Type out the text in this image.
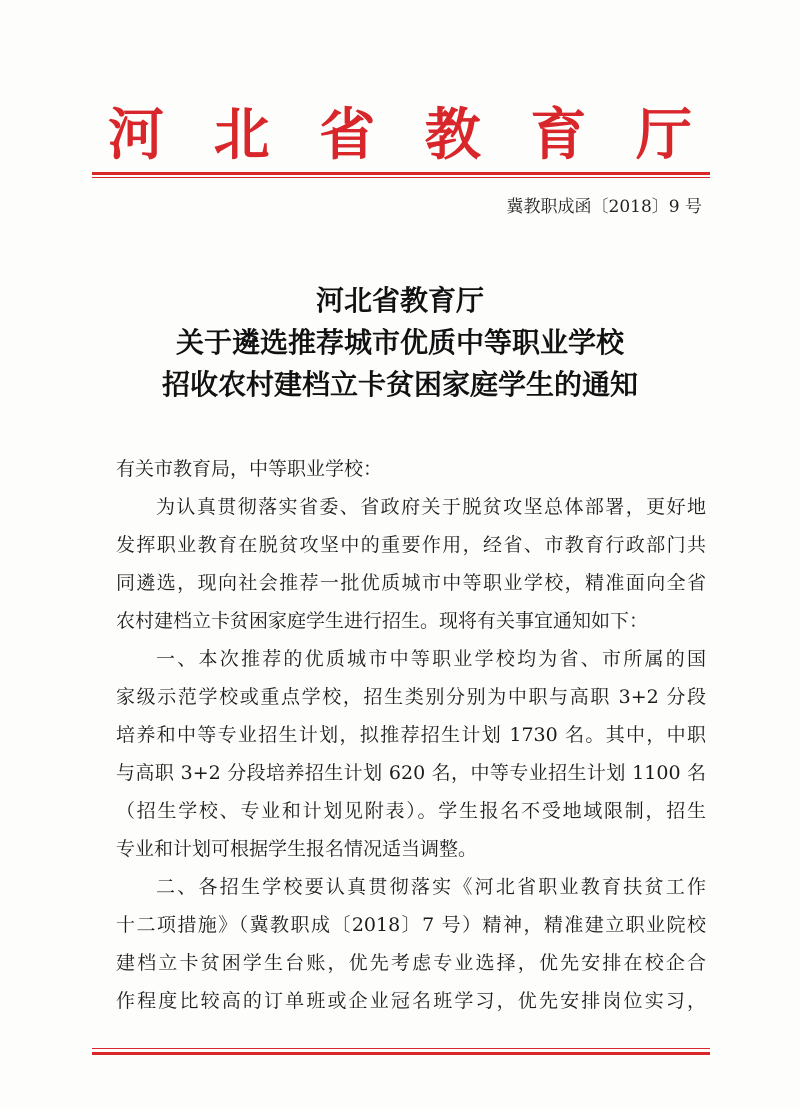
河 北 省 教 育 厅
冀教职成函〔2018〕9 号
河北省教育厅
关于遴选推荐城市优质中等职业学校
招收农村建档立卡贫困家庭学生的通知

有关市教育局，中等职业学校：

为认真贯彻落实省委、省政府关于脱贫攻坚总体部署，更好地

发挥职业教育在脱贫攻坚中的重要作用，经省、市教育行政部门共

同遴选，现向社会推荐一批优质城市中等职业学校，精准面向全省

农村建档立卡贫困家庭学生进行招生。现将有关事宜通知如下：

一、本次推荐的优质城市中等职业学校均为省、市所属的国

家级示范学校或重点学校，招生类别分别为中职与高职 3+2 分段

培养和中等专业招生计划，拟推荐招生计划 1730 名。其中，中职

与高职 3+2 分段培养招生计划 620 名，中等专业招生计划 1100 名

（招生学校、专业和计划见附表）。学生报名不受地域限制，招生

专业和计划可根据学生报名情况适当调整。

二、各招生学校要认真贯彻落实《河北省职业教育扶贫工作

十二项措施》（冀教职成〔2018〕7 号）精神，精准建立职业院校

建档立卡贫困学生台账，优先考虑专业选择，优先安排在校企合

作程度比较高的订单班或企业冠名班学习，优先安排岗位实习，
